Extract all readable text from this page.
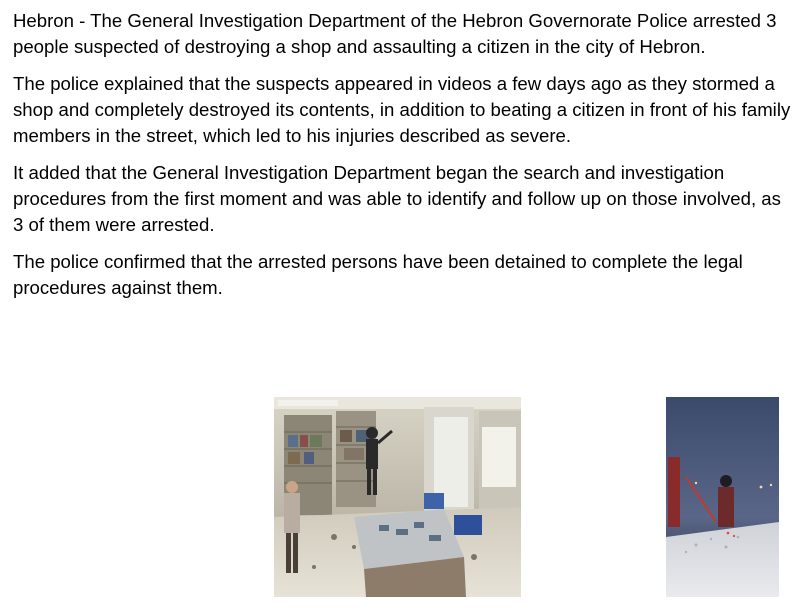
Hebron - The General Investigation Department of the Hebron Governorate Police arrested 3 people suspected of destroying a shop and assaulting a citizen in the city of Hebron.

The police explained that the suspects appeared in videos a few days ago as they stormed a shop and completely destroyed its contents, in addition to beating a citizen in front of his family members in the street, which led to his injuries described as severe.

It added that the General Investigation Department began the search and investigation procedures from the first moment and was able to identify and follow up on those involved, as 3 of them were arrested.

The police confirmed that the arrested persons have been detained to complete the legal procedures against them.
